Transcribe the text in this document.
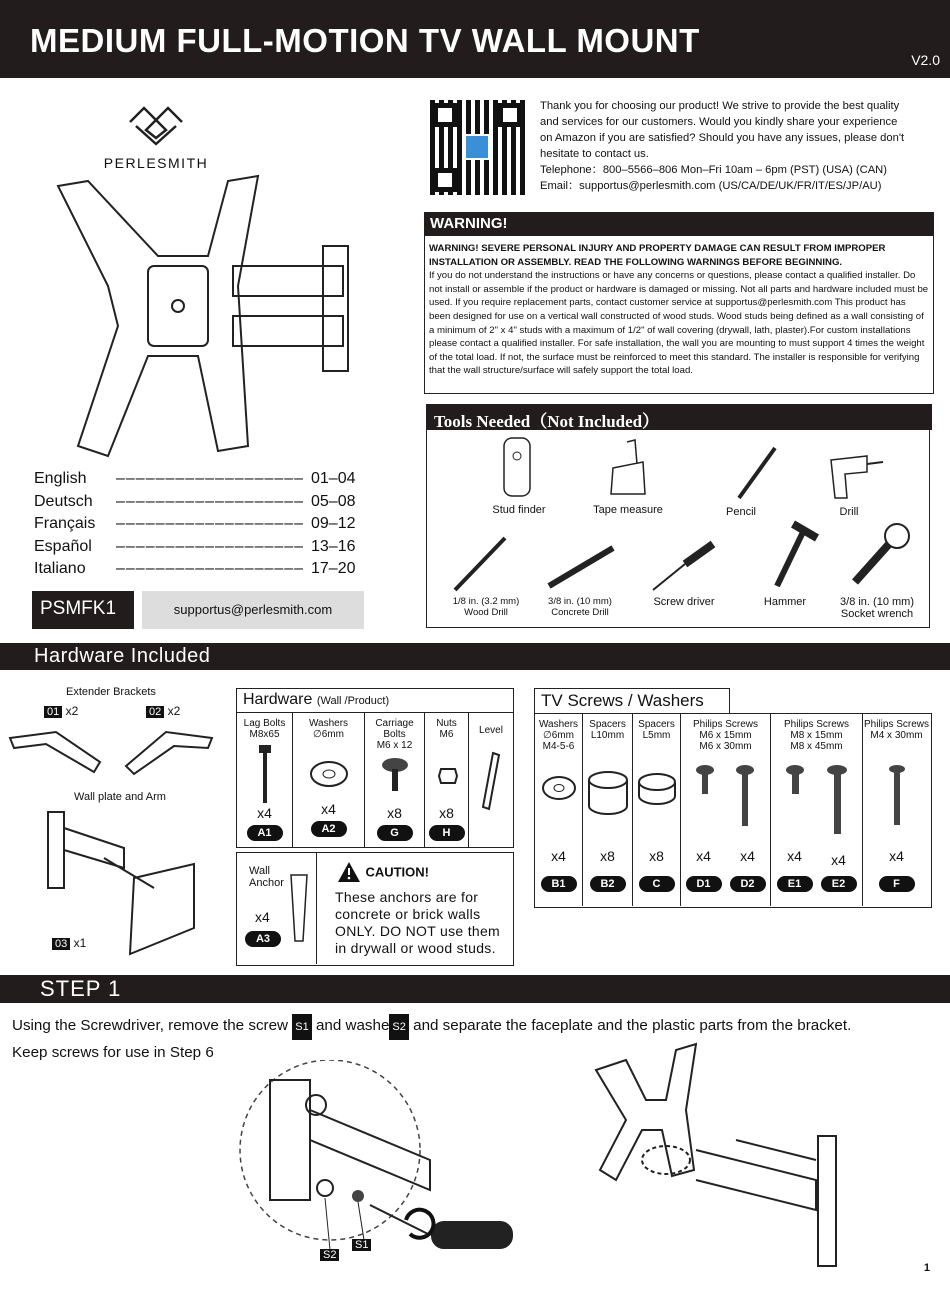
MEDIUM FULL-MOTION TV WALL MOUNT
V2.0
PERLESMITH
Thank you for choosing our product! We strive to provide the best quality
and services for our customers. Would you kindly share your experience
on Amazon if you are satisfied? Should you have any issues, please don't
hesitate to contact us.
Telephone：800–5566–806 Mon–Fri 10am – 6pm (PST) (USA) (CAN)
Email：supportus@perlesmith.com (US/CA/DE/UK/FR/IT/ES/JP/AU)
WARNING!
WARNING! SEVERE PERSONAL INJURY AND PROPERTY DAMAGE CAN RESULT FROM IMPROPER INSTALLATION OR ASSEMBLY. READ THE FOLLOWING WARNINGS BEFORE BEGINNING.
If you do not understand the instructions or have any concerns or questions, please contact a qualified installer. Do not install or assemble if the product or hardware is damaged or missing. Not all parts and hardware included must be used. If you require replacement parts, contact customer service at supportus@perlesmith.com This product has been designed for use on a vertical wall constructed of wood studs. Wood studs being defined as a wall consisting of a minimum of 2" x 4" studs with a maximum of 1/2" of wall covering (drywall, lath, plaster).For custom installations please contact a qualified installer. For safe installation, the wall you are mounting to must support 4 times the weight of the total load. If not, the surface must be reinforced to meet this standard. The installer is responsible for verifying that the wall structure/surface will safely support the total load.
Tools Needed（Not Included）
Stud finder	Tape measure	Pencil	Drill
1/8 in. (3.2 mm)
Wood Drill
3/8 in. (10 mm)
Concrete Drill
Screw driver	Hammer	3/8 in. (10 mm)
Socket wrench
English ––––––––––––––––––– 01–04
Deutsch ––––––––––––––––––– 05–08
Français ––––––––––––––––––– 09–12
Español ––––––––––––––––––– 13–16
Italiano ––––––––––––––––––– 17–20
PSMFK1	supportus@perlesmith.com
Hardware Included
Extender Brackets
01 x2	02 x2
Wall plate and Arm
03 x1
Hardware (Wall /Product)
Lag Bolts
M8x65
x4
A1
Washers
∅6mm
x4
A2
Carriage
Bolts
M6 x 12
x8
G
Nuts
M6
x8
H
Level
Wall
Anchor
x4
A3
CAUTION!
These anchors are for concrete or brick walls ONLY. DO NOT use them in drywall or wood studs.
TV Screws / Washers
Washers
∅6mm
M4-5-6
x4
B1
Spacers
L10mm
x8
B2
Spacers
L5mm
x8
C
Philips Screws
M6 x 15mm
M6 x 30mm
x4	x4
D1	D2
Philips Screws
M8 x 15mm
M8 x 45mm
x4	x4
E1	E2
Philips Screws
M4 x 30mm
x4
F
STEP 1
Using the Screwdriver, remove the screw S1 and washe S2 and separate the faceplate and the plastic parts from the bracket.
Keep screws for use in Step 6
S2
S1
1
